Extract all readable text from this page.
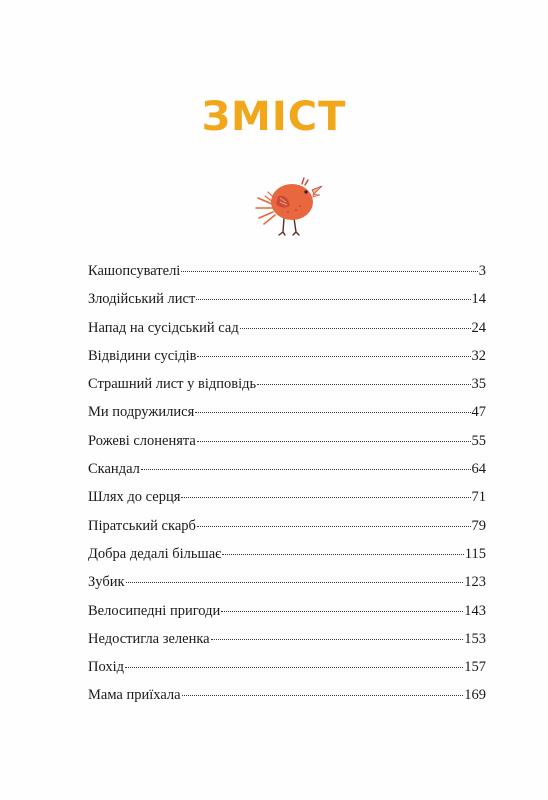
ЗМІСТ
Кашопсувателі	3
Злодійський лист	14
Напад на сусідський сад	24
Відвідини сусідів	32
Страшний лист у відповідь	35
Ми подружилися	47
Рожеві слоненята	55
Скандал	64
Шлях до серця	71
Піратський скарб	79
Добра дедалі більшає	115
Зубик	123
Велосипедні пригоди	143
Недостигла зеленка	153
Похід	157
Мама приїхала	169
